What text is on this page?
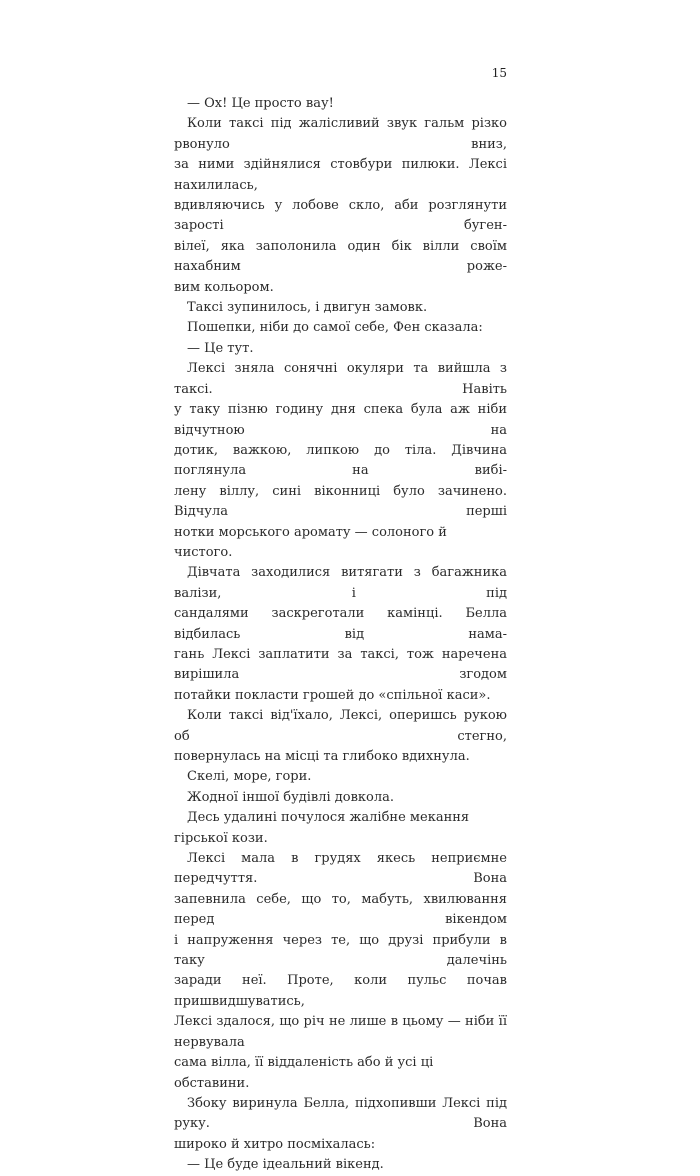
15

— Ох! Це просто вау!

Коли таксі під жалісливий звук гальм різко рвонуло вниз,

за ними здійнялися стовбури пилюки. Лексі нахилилась,

вдивляючись у лобове скло, аби розглянути зарості буген-

вілеї, яка заполонила один бік вілли своїм нахабним роже-

вим кольором.

Таксі зупинилось, і двигун замовк.

Пошепки, ніби до самої себе, Фен сказала:

— Це тут.

Лексі зняла сонячні окуляри та вийшла з таксі. Навіть

у таку пізню годину дня спека була аж ніби відчутною на

дотик, важкою, липкою до тіла. Дівчина поглянула на вибі-

лену віллу, сині віконниці було зачинено. Відчула перші

нотки морського аромату — солоного й чистого.

Дівчата заходилися витягати з багажника валізи, і під

сандалями заскреготали камінці. Белла відбилась від нама-

гань Лексі заплатити за таксі, тож наречена вирішила згодом

потайки покласти грошей до «спільної каси».

Коли таксі від'їхало, Лексі, оперишсь рукою об стегно,

повернулась на місці та глибоко вдихнула.

Скелі, море, гори.

Жодної іншої будівлі довкола.

Десь удалині почулося жалібне мекання гірської кози.

Лексі мала в грудях якесь неприємне передчуття. Вона

запевнила себе, що то, мабуть, хвилювання перед вікендом

і напруження через те, що друзі прибули в таку далечінь

заради неї. Проте, коли пульс почав пришвидшуватись,

Лексі здалося, що річ не лише в цьому — ніби її нервувала

сама вілла, її віддаленість або й усі ці обставини.

Збоку виринула Белла, підхопивши Лексі під руку. Вона

широко й хитро посміхалась:

— Це буде ідеальний вікенд.
